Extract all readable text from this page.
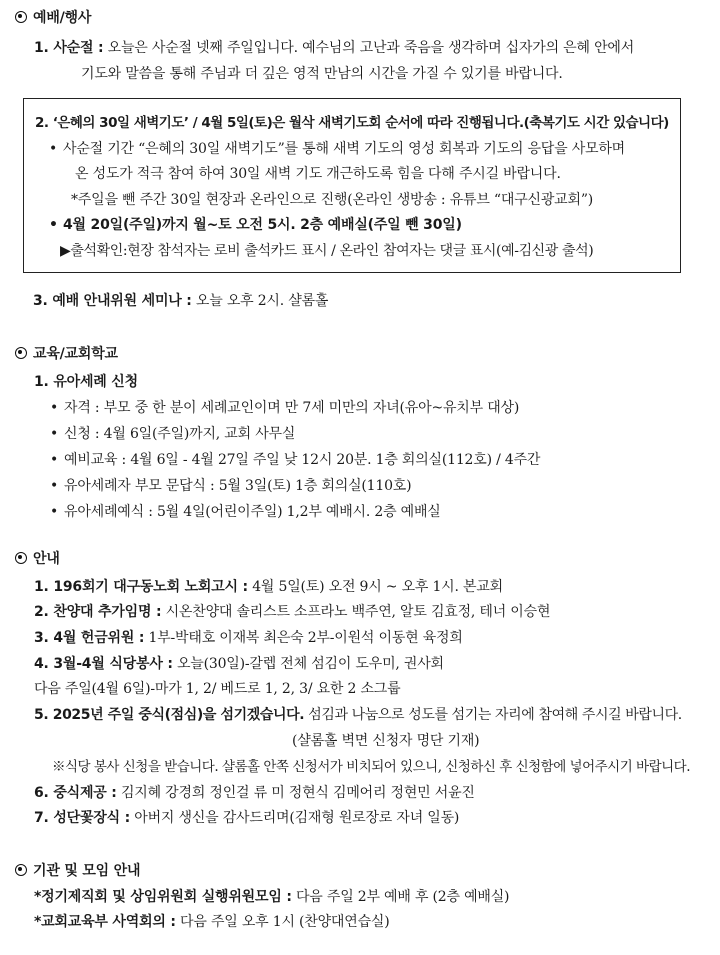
예배/행사
1. 사순절 : 오늘은 사순절 넷째 주일입니다. 예수님의 고난과 죽음을 생각하며 십자가의 은혜 안에서
기도와 말씀을 통해 주님과 더 깊은 영적 만남의 시간을 가질 수 있기를 바랍니다.
2. ‘은혜의 30일 새벽기도’ / 4월 5일(토)은 월삭 새벽기도회 순서에 따라 진행됩니다.(축복기도 시간 있습니다)
• 사순절 기간 “은혜의 30일 새벽기도”를 통해 새벽 기도의 영성 회복과 기도의 응답을 사모하며
온 성도가 적극 참여 하여 30일 새벽 기도 개근하도록 힘을 다해 주시길 바랍니다.
*주일을 뺀 주간 30일 현장과 온라인으로 진행(온라인 생방송 : 유튜브 “대구신광교회”)
• 4월 20일(주일)까지 월~토 오전 5시. 2층 예배실(주일 뺀 30일)
▶출석확인:현장 참석자는 로비 출석카드 표시 / 온라인 참여자는 댓글 표시(예-김신광 출석)
3. 예배 안내위원 세미나 : 오늘 오후 2시. 샬롬홀
교육/교회학교
1. 유아세례 신청
• 자격 : 부모 중 한 분이 세례교인이며 만 7세 미만의 자녀(유아~유치부 대상)
• 신청 : 4월 6일(주일)까지, 교회 사무실
• 예비교육 : 4월 6일 - 4월 27일 주일 낮 12시 20분. 1층 회의실(112호) / 4주간
• 유아세례자 부모 문답식 : 5월 3일(토) 1층 회의실(110호)
• 유아세례예식 : 5월 4일(어린이주일) 1,2부 예배시. 2층 예배실
안내
1. 196회기 대구동노회 노회고시 : 4월 5일(토) 오전 9시 ~ 오후 1시. 본교회
2. 찬양대 추가임명 : 시온찬양대 솔리스트 소프라노 백주연, 알토 김효정, 테너 이승현
3. 4월 헌금위원 : 1부-박태호 이재복 최은숙 2부-이원석 이동현 육정희
4. 3월-4월 식당봉사 : 오늘(30일)-갈렙 전체 섬김이 도우미, 권사회
다음 주일(4월 6일)-마가 1, 2/ 베드로 1, 2, 3/ 요한 2 소그룹
5. 2025년 주일 중식(점심)을 섬기겠습니다. 섬김과 나눔으로 성도를 섬기는 자리에 참여해 주시길 바랍니다.
(샬롬홀 벽면 신청자 명단 기재)
※식당 봉사 신청을 받습니다. 샬롬홀 안쪽 신청서가 비치되어 있으니, 신청하신 후 신청함에 넣어주시기 바랍니다.
6. 중식제공 : 김지혜 강경희 정인걸 류 미 정현식 김메어리 정현민 서윤진
7. 성단꽃장식 : 아버지 생신을 감사드리며(김재형 원로장로 자녀 일동)
기관 및 모임 안내
*정기제직회 및 상임위원회 실행위원모임 : 다음 주일 2부 예배 후 (2층 예배실)
*교회교육부 사역회의 : 다음 주일 오후 1시 (찬양대연습실)
